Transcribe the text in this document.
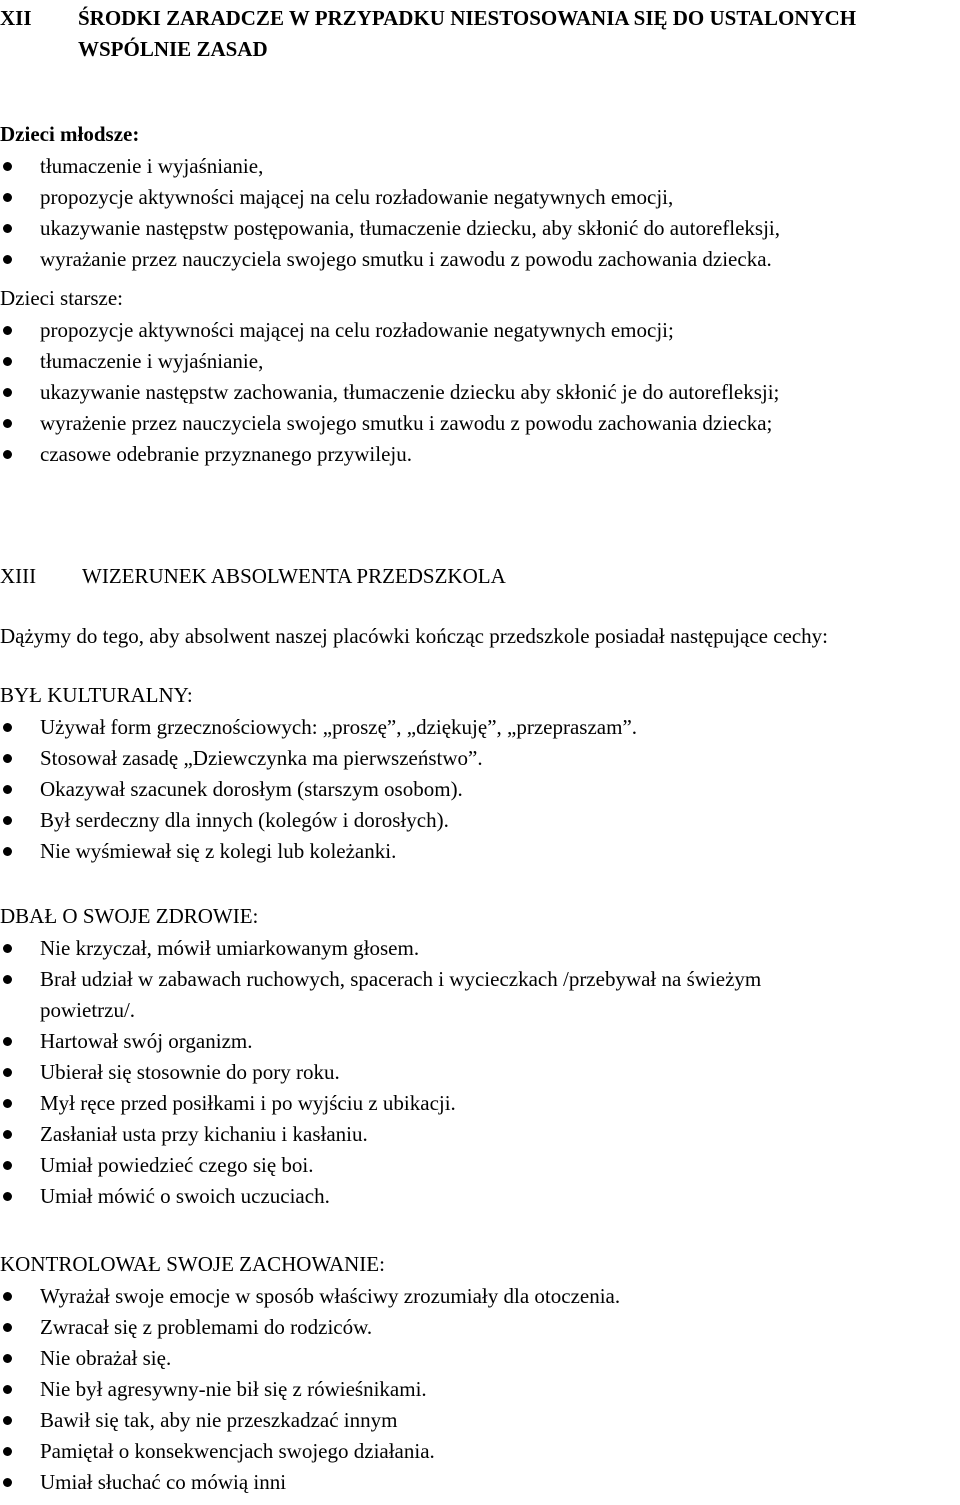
XII ŚRODKI ZARADCZE W PRZYPADKU NIESTOSOWANIA SIĘ DO USTALONYCH WSPÓLNIE ZASAD
Dzieci młodsze:
tłumaczenie i wyjaśnianie,
propozycje aktywności mającej na celu rozładowanie negatywnych emocji,
ukazywanie następstw postępowania, tłumaczenie dziecku, aby skłonić do autorefleksji,
wyrażanie przez nauczyciela swojego smutku i zawodu z powodu zachowania dziecka.
Dzieci starsze:
propozycje aktywności mającej na celu rozładowanie negatywnych emocji;
tłumaczenie i wyjaśnianie,
ukazywanie następstw zachowania, tłumaczenie dziecku aby skłonić je do autorefleksji;
wyrażenie przez nauczyciela swojego smutku i zawodu z powodu zachowania dziecka;
czasowe odebranie przyznanego przywileju.
XIII WIZERUNEK ABSOLWENTA PRZEDSZKOLA
Dążymy do tego, aby absolwent naszej placówki kończąc przedszkole posiadał następujące cechy:
BYŁ KULTURALNY:
Używał form grzecznościowych: „proszę”, „dziękuję”, „przepraszam”.
Stosował zasadę „Dziewczynka ma pierwszeństwo”.
Okazywał szacunek dorosłym (starszym osobom).
Był serdeczny dla innych (kolegów i dorosłych).
Nie wyśmiewał się z kolegi lub koleżanki.
DBAŁ O SWOJE ZDROWIE:
Nie krzyczał, mówił umiarkowanym głosem.
Brał udział w zabawach ruchowych, spacerach i wycieczkach /przebywał na świeżym powietrzu/.
Hartował swój organizm.
Ubierał się stosownie do pory roku.
Mył ręce przed posiłkami i po wyjściu z ubikacji.
Zasłaniał usta przy kichaniu i kasłaniu.
Umiał powiedzieć czego się boi.
Umiał mówić o swoich uczuciach.
KONTROLOWAŁ SWOJE ZACHOWANIE:
Wyrażał swoje emocje w sposób właściwy zrozumiały dla otoczenia.
Zwracał się z problemami do rodziców.
Nie obrażał się.
Nie był agresywny-nie bił się z rówieśnikami.
Bawił się tak, aby nie przeszkadzać innym
Pamiętał o konsekwencjach swojego działania.
Umiał słuchać co mówią inni
